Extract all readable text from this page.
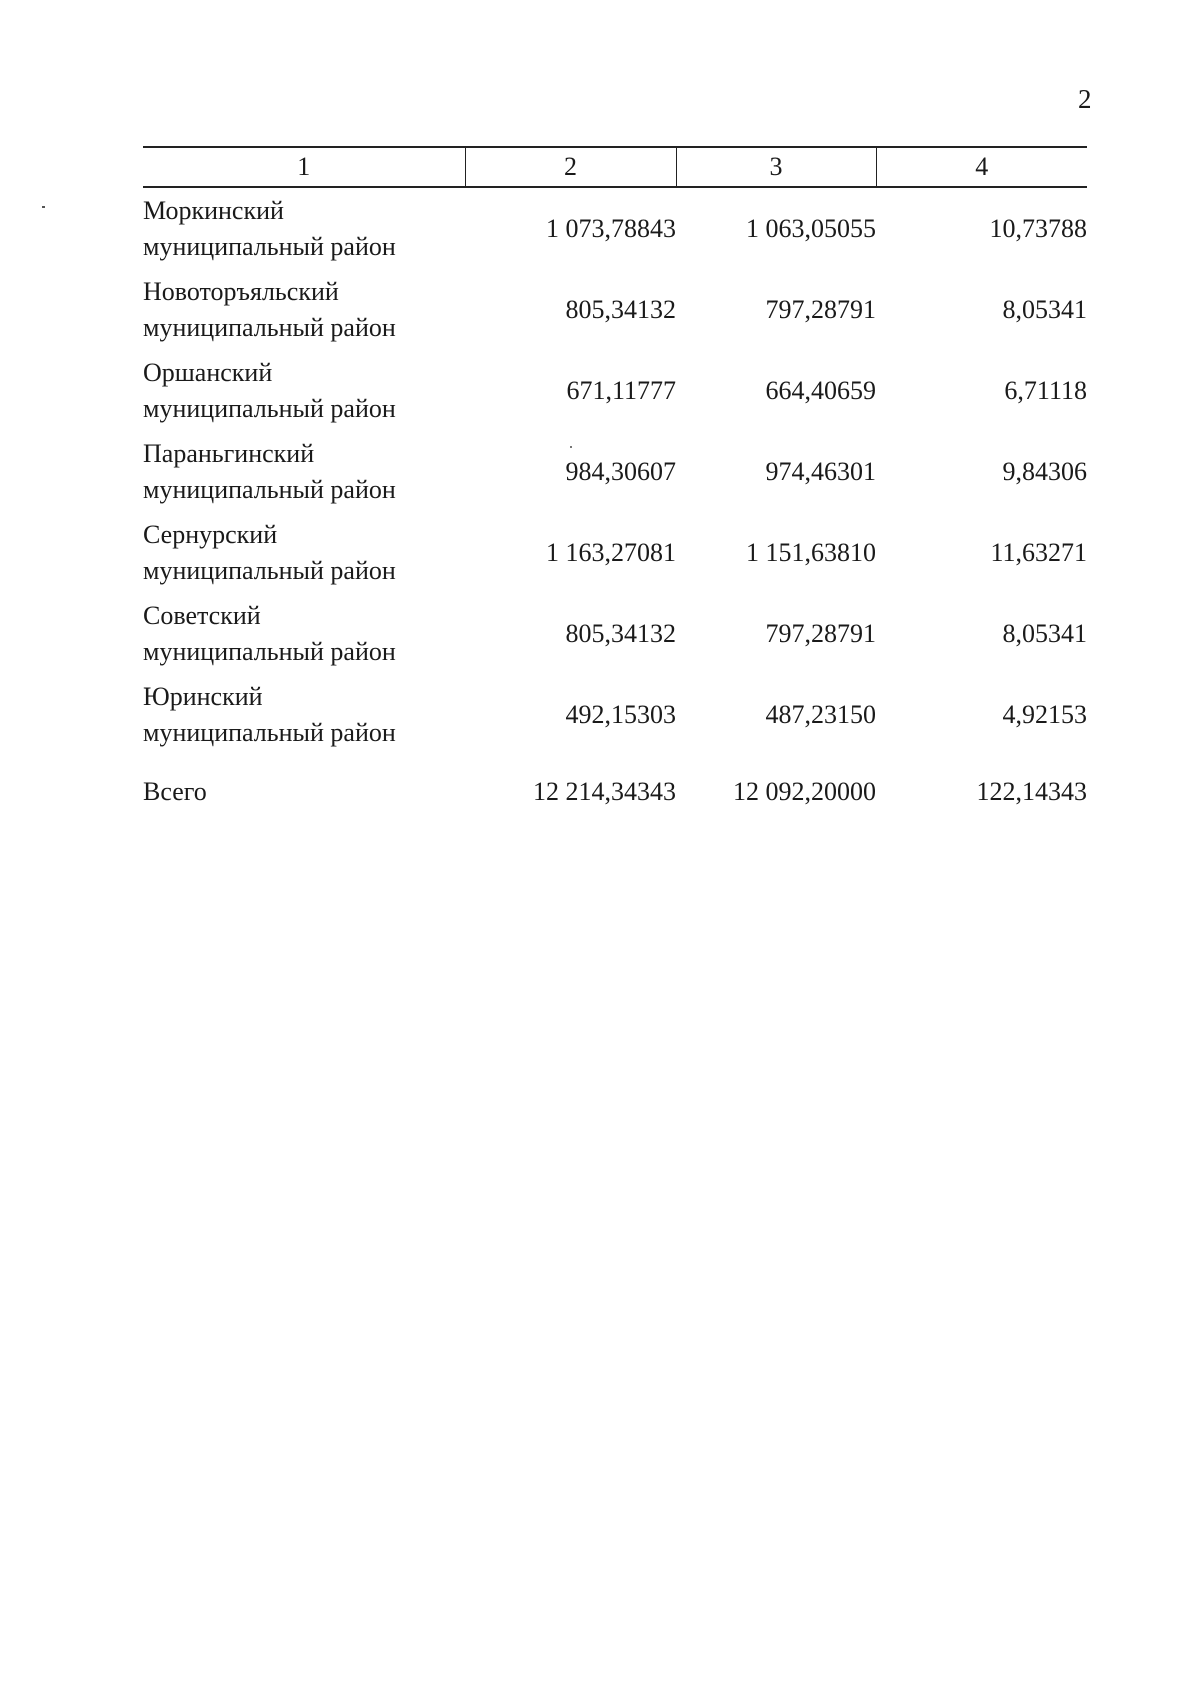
2
1	2	3	4

Моркинский
муниципальный район	1 073,78843	1 063,05055	10,73788

Новоторъяльский
муниципальный район	805,34132	797,28791	8,05341

Оршанский
муниципальный район	671,11777	664,40659	6,71118

Параньгинский
муниципальный район	984,30607	974,46301	9,84306

Сернурский
муниципальный район	1 163,27081	1 151,63810	11,63271

Советский
муниципальный район	805,34132	797,28791	8,05341

Юринский
муниципальный район	492,15303	487,23150	4,92153
Всего	12 214,34343	12 092,20000	122,14343
